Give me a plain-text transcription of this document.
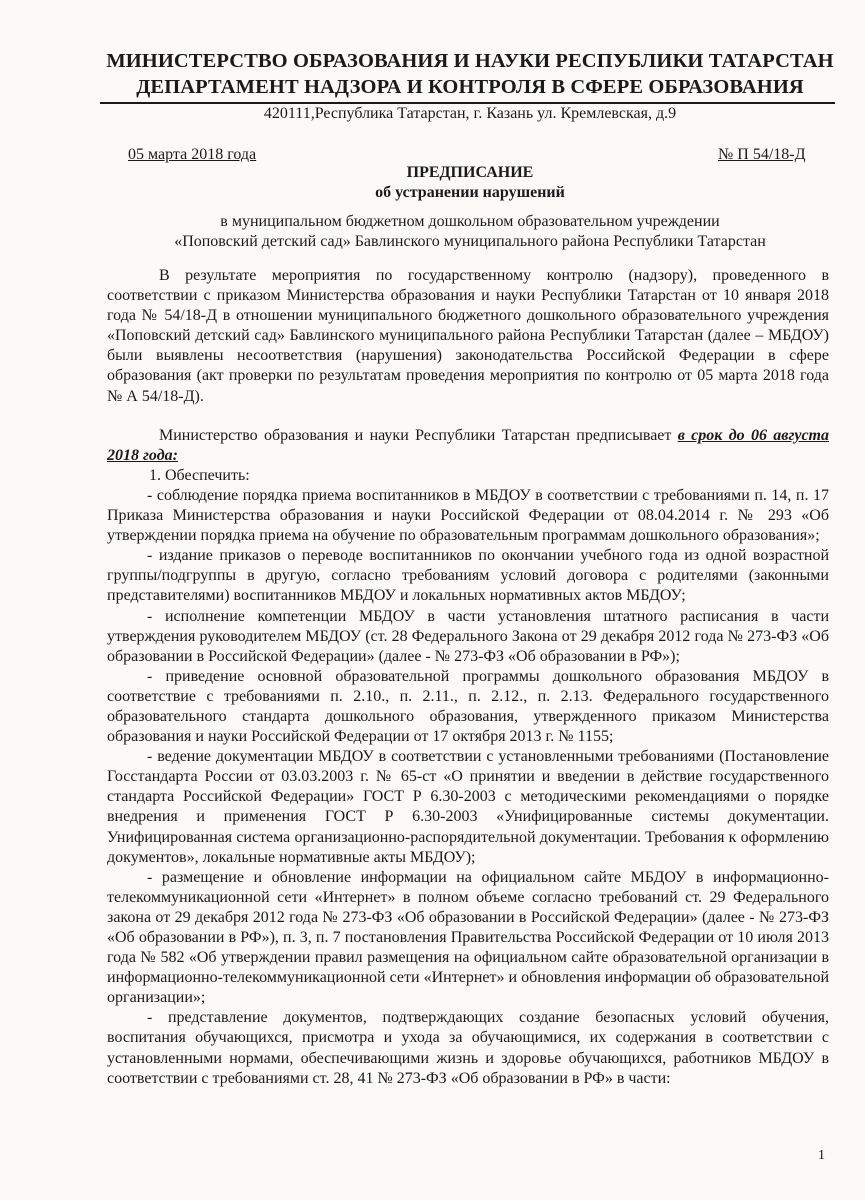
МИНИСТЕРСТВО ОБРАЗОВАНИЯ И НАУКИ РЕСПУБЛИКИ ТАТАРСТАН
ДЕПАРТАМЕНТ НАДЗОРА И КОНТРОЛЯ В СФЕРЕ ОБРАЗОВАНИЯ
420111,Республика Татарстан, г. Казань ул. Кремлевская, д.9
05 марта 2018 года	№ П 54/18-Д
ПРЕДПИСАНИЕ
об устранении нарушений
в муниципальном бюджетном дошкольном образовательном учреждении
«Поповский детский сад» Бавлинского муниципального района Республики Татарстан

В результате мероприятия по государственному контролю (надзору), проведенного в соответствии с приказом Министерства образования и науки Республики Татарстан от 10 января 2018 года № 54/18-Д в отношении муниципального бюджетного дошкольного образовательного учреждения «Поповский детский сад» Бавлинского муниципального района Республики Татарстан (далее – МБДОУ) были выявлены несоответствия (нарушения) законодательства Российской Федерации в сфере образования (акт проверки по результатам проведения мероприятия по контролю от 05 марта 2018 года № А 54/18-Д).

Министерство образования и науки Республики Татарстан предписывает в срок до 06 августа 2018 года:

1. Обеспечить:

- соблюдение порядка приема воспитанников в МБДОУ в соответствии с требованиями п. 14, п. 17 Приказа Министерства образования и науки Российской Федерации от 08.04.2014 г. № 293 «Об утверждении порядка приема на обучение по образовательным программам дошкольного образования»;

- издание приказов о переводе воспитанников по окончании учебного года из одной возрастной группы/подгруппы в другую, согласно требованиям условий договора с родителями (законными представителями) воспитанников МБДОУ и локальных нормативных актов МБДОУ;

- исполнение компетенции МБДОУ в части установления штатного расписания в части утверждения руководителем МБДОУ (ст. 28 Федерального Закона от 29 декабря 2012 года № 273-ФЗ «Об образовании в Российской Федерации» (далее - № 273-ФЗ «Об образовании в РФ»);

- приведение основной образовательной программы дошкольного образования МБДОУ в соответствие с требованиями п. 2.10., п. 2.11., п. 2.12., п. 2.13. Федерального государственного образовательного стандарта дошкольного образования, утвержденного приказом Министерства образования и науки Российской Федерации от 17 октября 2013 г. № 1155;

- ведение документации МБДОУ в соответствии с установленными требованиями (Постановление Госстандарта России от 03.03.2003 г. № 65-ст «О принятии и введении в действие государственного стандарта Российской Федерации» ГОСТ Р 6.30-2003 с методическими рекомендациями о порядке внедрения и применения ГОСТ Р 6.30-2003 «Унифицированные системы документации. Унифицированная система организационно-распорядительной документации. Требования к оформлению документов», локальные нормативные акты МБДОУ);

- размещение и обновление информации на официальном сайте МБДОУ в информационно-телекоммуникационной сети «Интернет» в полном объеме согласно требований ст. 29 Федерального закона от 29 декабря 2012 года № 273-ФЗ «Об образовании в Российской Федерации» (далее - № 273-ФЗ «Об образовании в РФ»), п. 3, п. 7 постановления Правительства Российской Федерации от 10 июля 2013 года № 582 «Об утверждении правил размещения на официальном сайте образовательной организации в информационно-телекоммуникационной сети «Интернет» и обновления информации об образовательной организации»;

- представление документов, подтверждающих создание безопасных условий обучения, воспитания обучающихся, присмотра и ухода за обучающимися, их содержания в соответствии с установленными нормами, обеспечивающими жизнь и здоровье обучающихся, работников МБДОУ в соответствии с требованиями ст. 28, 41 № 273-ФЗ «Об образовании в РФ» в части:

1
